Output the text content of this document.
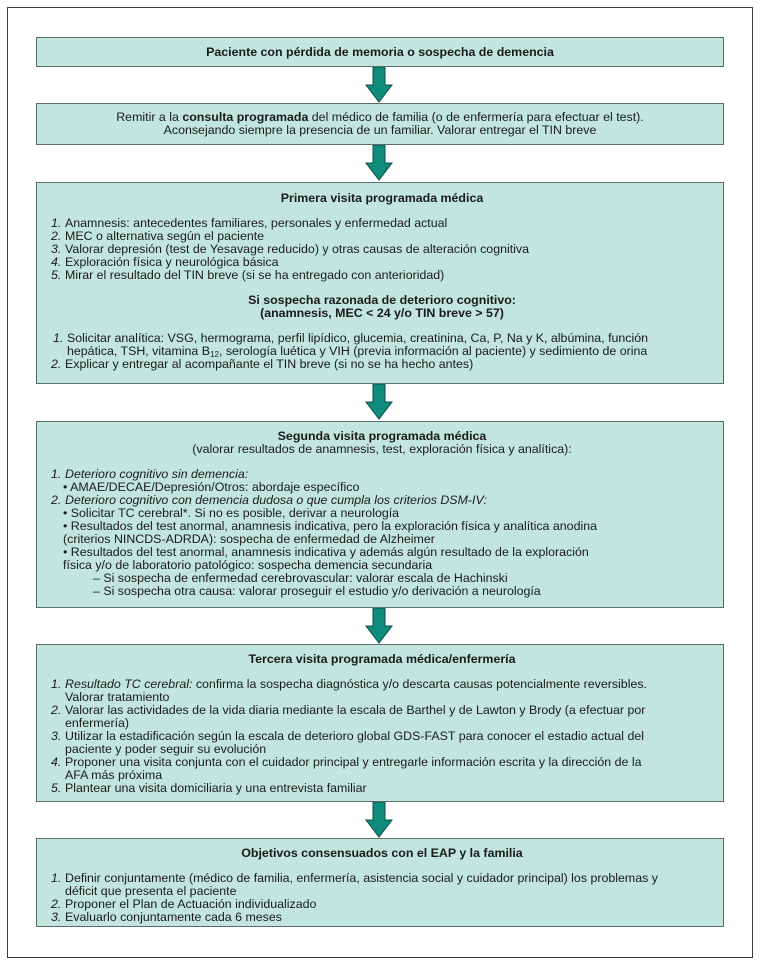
Paciente con pérdida de memoria o sospecha de demencia
Remitir a la consulta programada del médico de familia (o de enfermería para efectuar el test).
Aconsejando siempre la presencia de un familiar. Valorar entregar el TIN breve
Primera visita programada médica
1. Anamnesis: antecedentes familiares, personales y enfermedad actual
2. MEC o alternativa según el paciente
3. Valorar depresión (test de Yesavage reducido) y otras causas de alteración cognitiva
4. Exploración física y neurológica básica
5. Mirar el resultado del TIN breve (si se ha entregado con anterioridad)
Si sospecha razonada de deterioro cognitivo:
(anamnesis, MEC < 24 y/o TIN breve > 57)
1. Solicitar analítica: VSG, hermograma, perfil lipídico, glucemia, creatinina, Ca, P, Na y K, albúmina, función
hepática, TSH, vitamina $B_{12}$, serología luética y VIH (previa información al paciente) y sedimiento de orina
2. Explicar y entregar al acompañante el TIN breve (si no se ha hecho antes)
Segunda visita programada médica
(valorar resultados de anamnesis, test, exploración física y analítica):
1. Deterioro cognitivo sin demencia:
• AMAE/DECAE/Depresión/Otros: abordaje específico
2. Deterioro cognitivo con demencia dudosa o que cumpla los criterios DSM-IV:
• Solicitar TC cerebral*. Si no es posible, derivar a neurología
• Resultados del test anormal, anamnesis indicativa, pero la exploración física y analítica anodina
(criterios NINCDS-ADRDA): sospecha de enfermedad de Alzheimer
• Resultados del test anormal, anamnesis indicativa y además algún resultado de la exploración
física y/o de laboratorio patológico: sospecha demencia secundaria
– Si sospecha de enfermedad cerebrovascular: valorar escala de Hachinski
– Si sospecha otra causa: valorar proseguir el estudio y/o derivación a neurología
Tercera visita programada médica/enfermería
1. Resultado TC cerebral: confirma la sospecha diagnóstica y/o descarta causas potencialmente reversibles.
Valorar tratamiento
2. Valorar las actividades de la vida diaria mediante la escala de Barthel y de Lawton y Brody (a efectuar por
enfermería)
3. Utilizar la estadificación según la escala de deterioro global GDS-FAST para conocer el estadio actual del
paciente y poder seguir su evolución
4. Proponer una visita conjunta con el cuidador principal y entregarle información escrita y la dirección de la
AFA más próxima
5. Plantear una visita domiciliaria y una entrevista familiar
Objetivos consensuados con el EAP y la familia
1. Definir conjuntamente (médico de familia, enfermería, asistencia social y cuidador principal) los problemas y
déficit que presenta el paciente
2. Proponer el Plan de Actuación individualizado
3. Evaluarlo conjuntamente cada 6 meses
